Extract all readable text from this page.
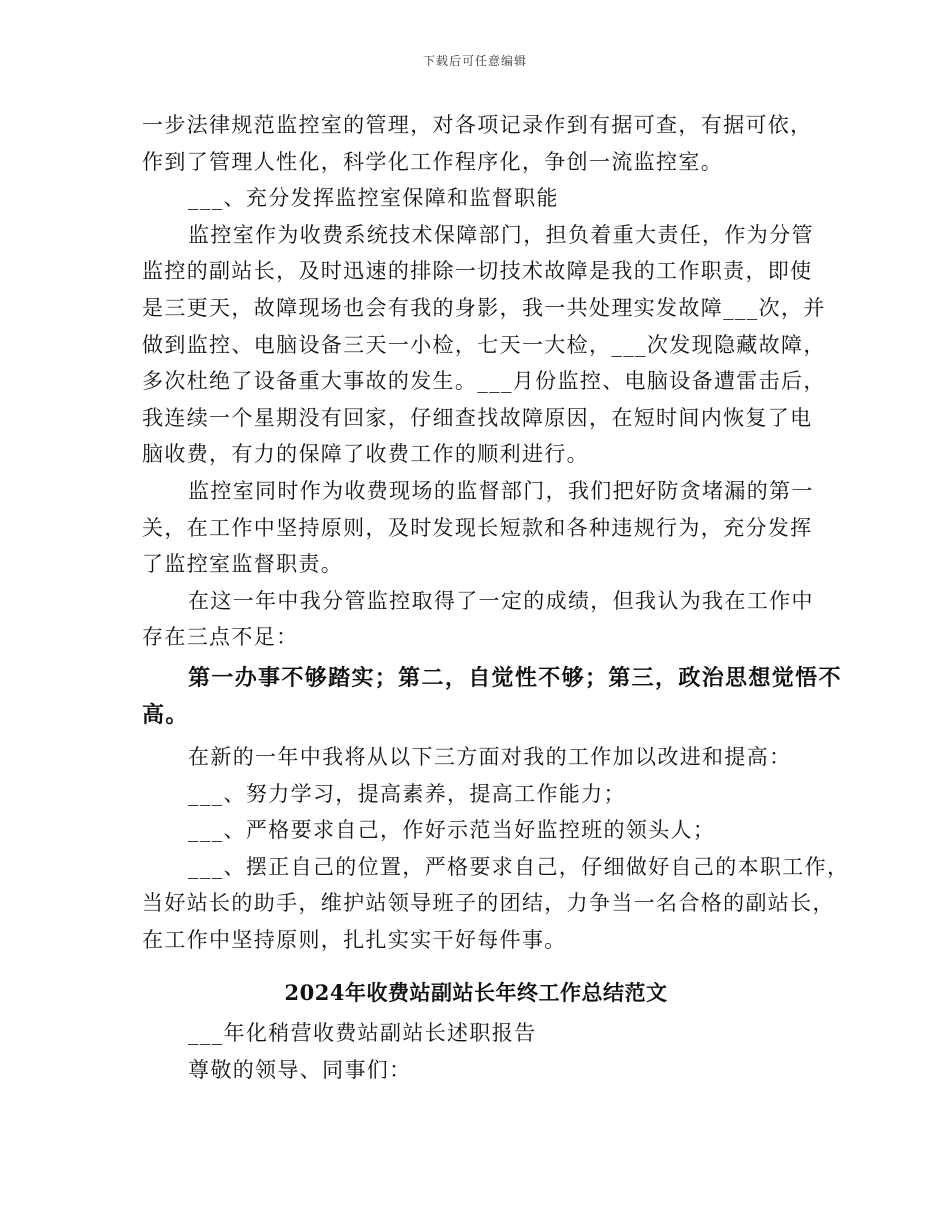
下载后可任意编辑
一步法律规范监控室的管理，对各项记录作到有据可查，有据可依，
作到了管理人性化，科学化工作程序化，争创一流监控室。
___、充分发挥监控室保障和监督职能
监控室作为收费系统技术保障部门，担负着重大责任，作为分管
监控的副站长，及时迅速的排除一切技术故障是我的工作职责，即使
是三更天，故障现场也会有我的身影，我一共处理实发故障___次，并
做到监控、电脑设备三天一小检，七天一大检，___次发现隐藏故障，
多次杜绝了设备重大事故的发生。___月份监控、电脑设备遭雷击后，
我连续一个星期没有回家，仔细查找故障原因，在短时间内恢复了电
脑收费，有力的保障了收费工作的顺利进行。
监控室同时作为收费现场的监督部门，我们把好防贪堵漏的第一
关，在工作中坚持原则，及时发现长短款和各种违规行为，充分发挥
了监控室监督职责。
在这一年中我分管监控取得了一定的成绩，但我认为我在工作中
存在三点不足：
第一办事不够踏实；第二，自觉性不够；第三，政治思想觉悟不
高。
在新的一年中我将从以下三方面对我的工作加以改进和提高：
___、努力学习，提高素养，提高工作能力；
___、严格要求自己，作好示范当好监控班的领头人；
___、摆正自己的位置，严格要求自己，仔细做好自己的本职工作，
当好站长的助手，维护站领导班子的团结，力争当一名合格的副站长，
在工作中坚持原则，扎扎实实干好每件事。
2024年收费站副站长年终工作总结范文
___年化稍营收费站副站长述职报告
尊敬的领导、同事们：
